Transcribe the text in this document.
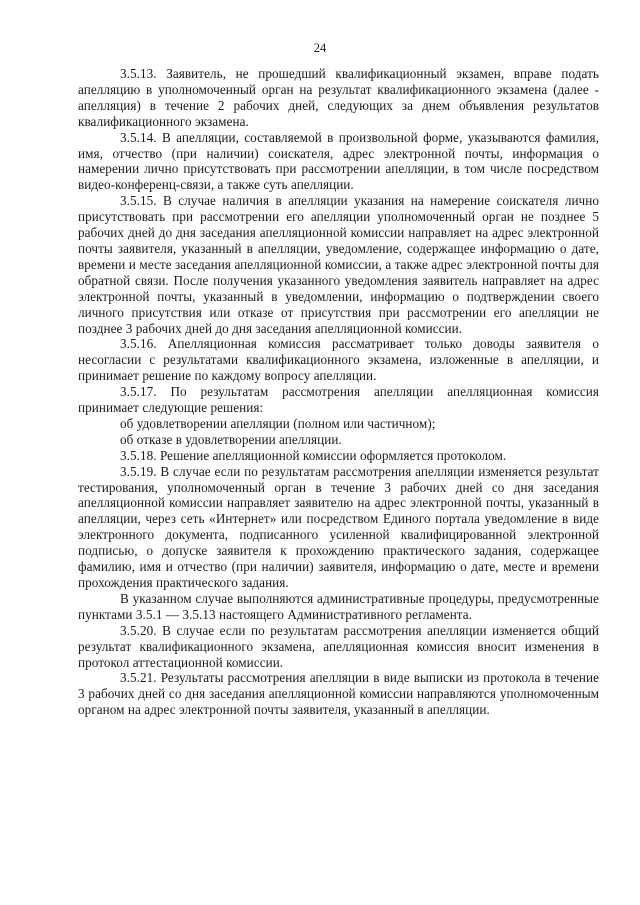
24

3.5.13. Заявитель, не прошедший квалификационный экзамен, вправе подать апелляцию в уполномоченный орган на результат квалификационного экзамена (далее - апелляция) в течение 2 рабочих дней, следующих за днем объявления результатов квалификационного экзамена.

3.5.14. В апелляции, составляемой в произвольной форме, указываются фамилия, имя, отчество (при наличии) соискателя, адрес электронной почты, информация о намерении лично присутствовать при рассмотрении апелляции, в том числе посредством видео-конференц-связи, а также суть апелляции.

3.5.15. В случае наличия в апелляции указания на намерение соискателя лично присутствовать при рассмотрении его апелляции уполномоченный орган не позднее 5 рабочих дней до дня заседания апелляционной комиссии направляет на адрес электронной почты заявителя, указанный в апелляции, уведомление, содержащее информацию о дате, времени и месте заседания апелляционной комиссии, а также адрес электронной почты для обратной связи. После получения указанного уведомления заявитель направляет на адрес электронной почты, указанный в уведомлении, информацию о подтверждении своего личного присутствия или отказе от присутствия при рассмотрении его апелляции не позднее 3 рабочих дней до дня заседания апелляционной комиссии.

3.5.16. Апелляционная комиссия рассматривает только доводы заявителя о несогласии с результатами квалификационного экзамена, изложенные в апелляции, и принимает решение по каждому вопросу апелляции.

3.5.17. По результатам рассмотрения апелляции апелляционная комиссия принимает следующие решения:

об удовлетворении апелляции (полном или частичном);

об отказе в удовлетворении апелляции.

3.5.18. Решение апелляционной комиссии оформляется протоколом.

3.5.19. В случае если по результатам рассмотрения апелляции изменяется результат тестирования, уполномоченный орган в течение 3 рабочих дней со дня заседания апелляционной комиссии направляет заявителю на адрес электронной почты, указанный в апелляции, через сеть «Интернет» или посредством Единого портала уведомление в виде электронного документа, подписанного усиленной квалифицированной электронной подписью, о допуске заявителя к прохождению практического задания, содержащее фамилию, имя и отчество (при наличии) заявителя, информацию о дате, месте и времени прохождения практического задания.

В указанном случае выполняются административные процедуры, предусмотренные пунктами 3.5.1 — 3.5.13 настоящего Административного регламента.

3.5.20. В случае если по результатам рассмотрения апелляции изменяется общий результат квалификационного экзамена, апелляционная комиссия вносит изменения в протокол аттестационной комиссии.

3.5.21. Результаты рассмотрения апелляции в виде выписки из протокола в течение 3 рабочих дней со дня заседания апелляционной комиссии направляются уполномоченным органом на адрес электронной почты заявителя, указанный в апелляции.
